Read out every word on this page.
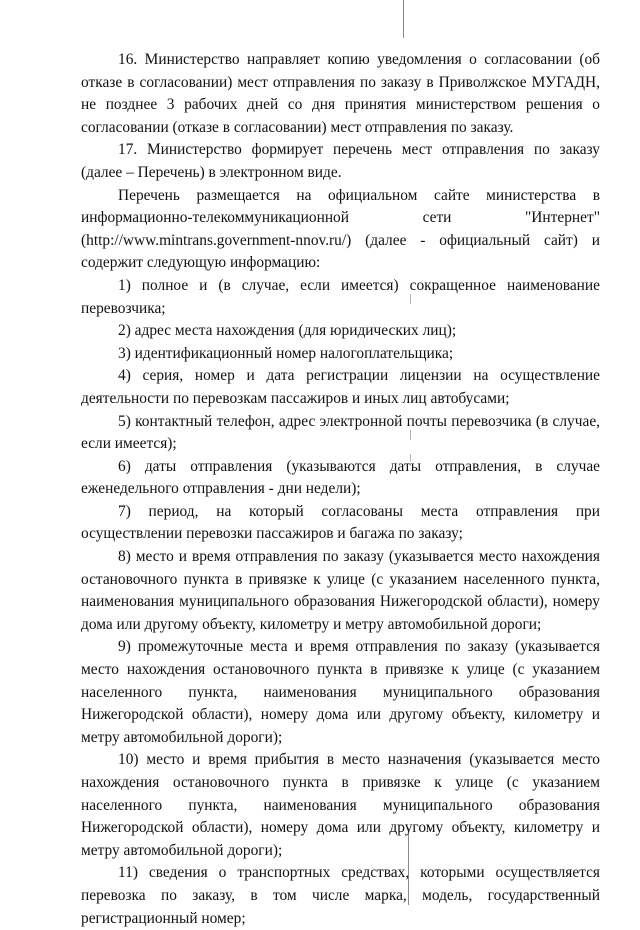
16. Министерство направляет копию уведомления о согласовании (об отказе в согласовании) мест отправления по заказу в Приволжское МУГАДН, не позднее 3 рабочих дней со дня принятия министерством решения о согласовании (отказе в согласовании) мест отправления по заказу.

17. Министерство формирует перечень мест отправления по заказу (далее – Перечень) в электронном виде.

Перечень размещается на официальном сайте министерства в информационно-телекоммуникационной сети "Интернет" (http://www.mintrans.government-nnov.ru/) (далее - официальный сайт) и содержит следующую информацию:

1) полное и (в случае, если имеется) сокращенное наименование перевозчика;

2) адрес места нахождения (для юридических лиц);

3) идентификационный номер налогоплательщика;

4) серия, номер и дата регистрации лицензии на осуществление деятельности по перевозкам пассажиров и иных лиц автобусами;

5) контактный телефон, адрес электронной почты перевозчика (в случае, если имеется);

6) даты отправления (указываются даты отправления, в случае еженедельного отправления - дни недели);

7) период, на который согласованы места отправления при осуществлении перевозки пассажиров и багажа по заказу;

8) место и время отправления по заказу (указывается место нахождения остановочного пункта в привязке к улице (с указанием населенного пункта, наименования муниципального образования Нижегородской области), номеру дома или другому объекту, километру и метру автомобильной дороги;

9) промежуточные места и время отправления по заказу (указывается место нахождения остановочного пункта в привязке к улице (с указанием населенного пункта, наименования муниципального образования Нижегородской области), номеру дома или другому объекту, километру и метру автомобильной дороги);

10) место и время прибытия в место назначения (указывается место нахождения остановочного пункта в привязке к улице (с указанием населенного пункта, наименования муниципального образования Нижегородской области), номеру дома или другому объекту, километру и метру автомобильной дороги);

11) сведения о транспортных средствах, которыми осуществляется перевозка по заказу, в том числе марка, модель, государственный регистрационный номер;
